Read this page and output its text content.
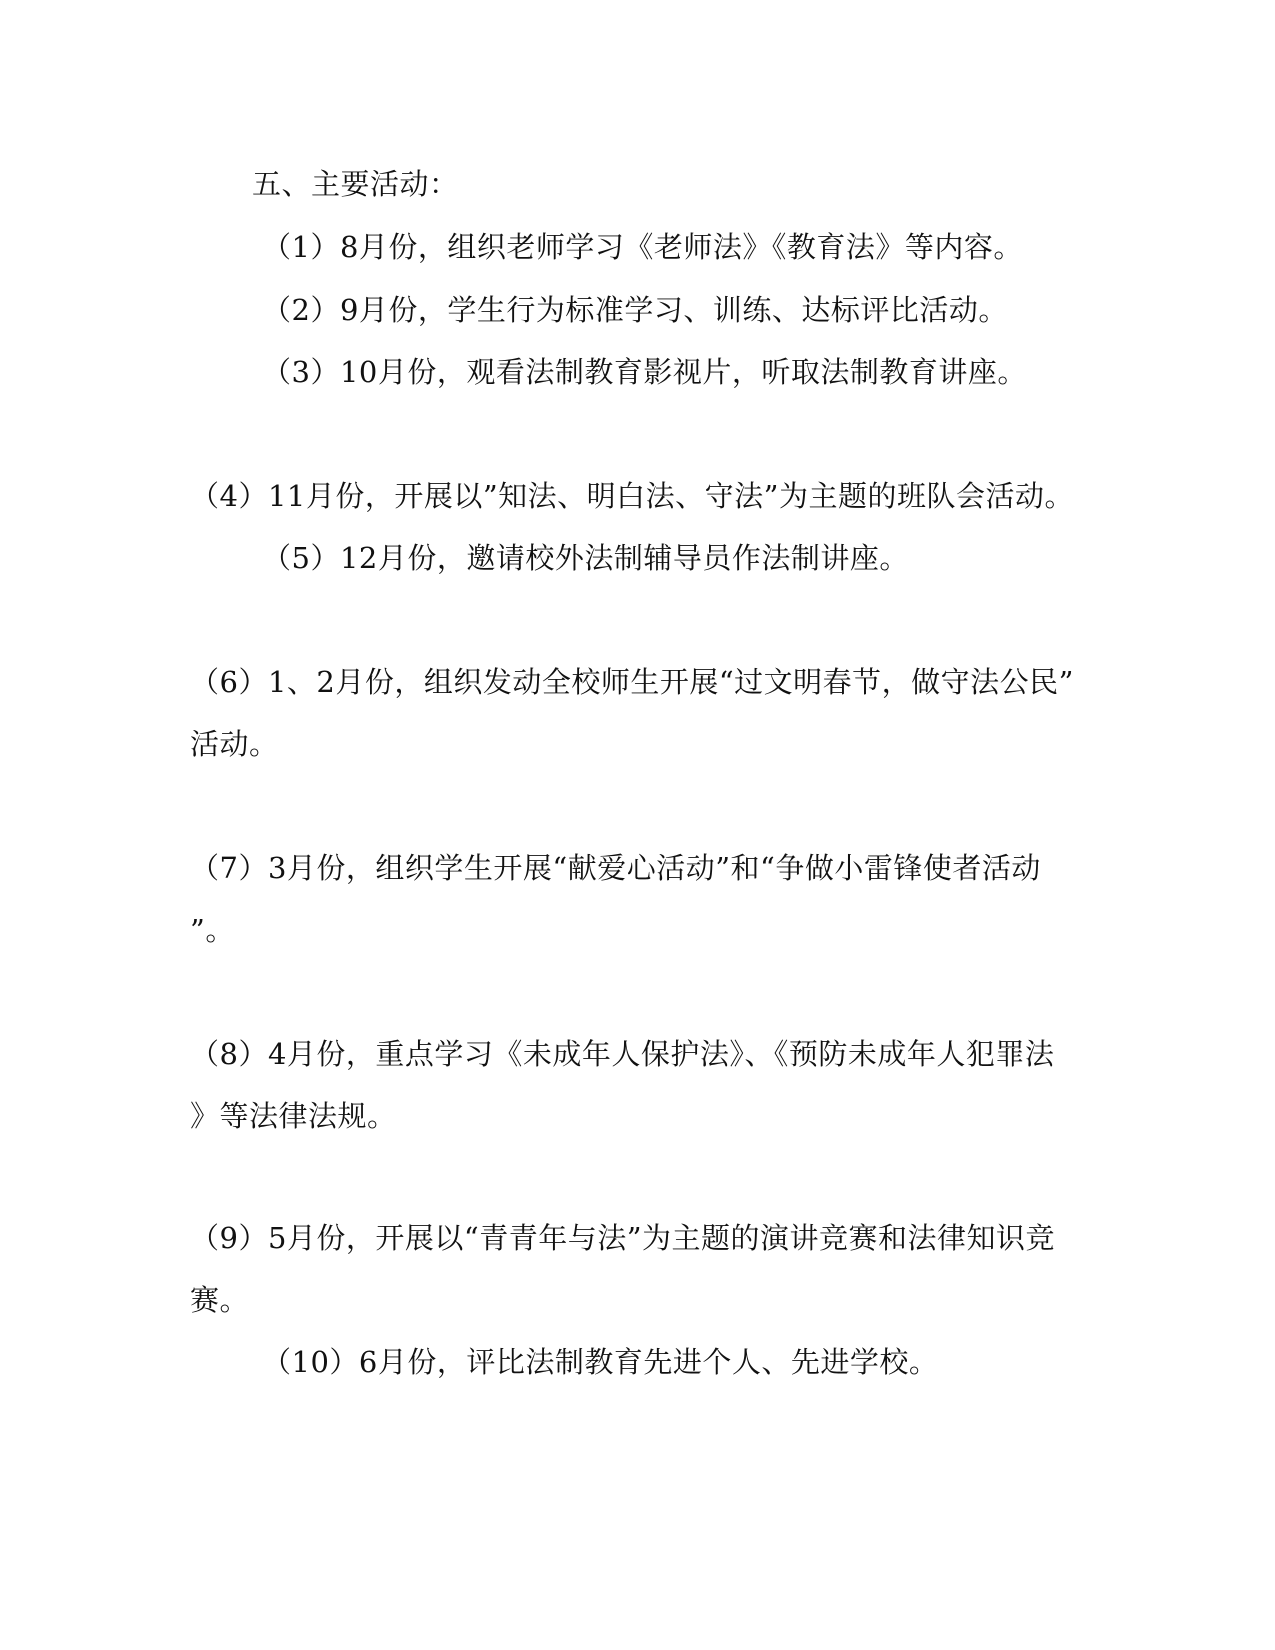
五、主要活动：
（1）8月份，组织老师学习《老师法》《教育法》等内容。
（2）9月份，学生行为标准学习、训练、达标评比活动。
（3）10月份，观看法制教育影视片，听取法制教育讲座。
（4）11月份，开展以”知法、明白法、守法”为主题的班队会活动。
（5）12月份，邀请校外法制辅导员作法制讲座。
（6）1、2月份，组织发动全校师生开展“过文明春节，做守法公民”
活动。
（7）3月份，组织学生开展“献爱心活动”和“争做小雷锋使者活动
”。
（8）4月份，重点学习《未成年人保护法》、《预防未成年人犯罪法
》等法律法规。
（9）5月份，开展以“青青年与法”为主题的演讲竞赛和法律知识竞
赛。
（10）6月份，评比法制教育先进个人、先进学校。
